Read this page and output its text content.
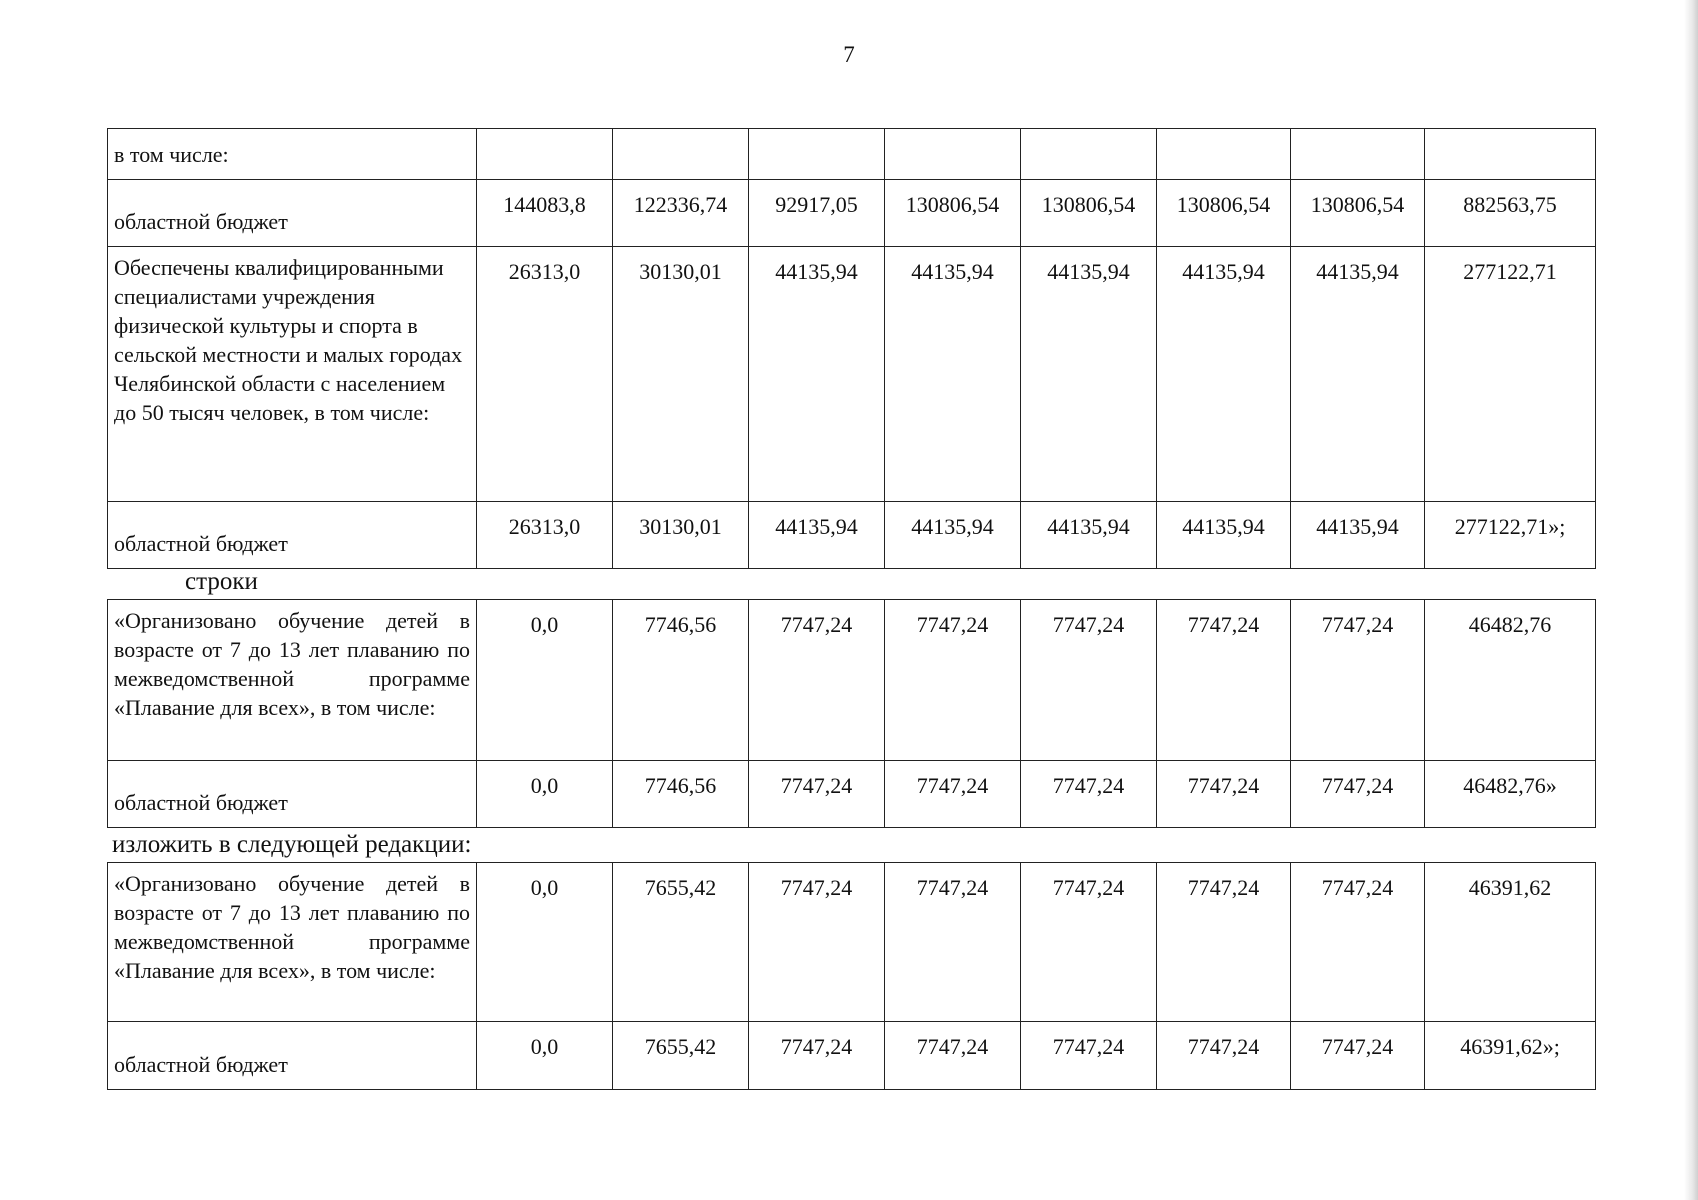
7
в том числе:								
областной бюджет	144083,8	122336,74	92917,05	130806,54	130806,54	130806,54	130806,54	882563,75
Обеспечены квалифицированными специалистами учреждения физической культуры и спорта в сельской местности и малых городах Челябинской области с населением до 50 тысяч человек, в том числе:	26313,0	30130,01	44135,94	44135,94	44135,94	44135,94	44135,94	277122,71
областной бюджет	26313,0	30130,01	44135,94	44135,94	44135,94	44135,94	44135,94	277122,71»;
строки
«Организовано обучение детей в возрасте от 7 до 13 лет плаванию по межведомственной программе «Плавание для всех», в том числе:	0,0	7746,56	7747,24	7747,24	7747,24	7747,24	7747,24	46482,76
областной бюджет	0,0	7746,56	7747,24	7747,24	7747,24	7747,24	7747,24	46482,76»
изложить в следующей редакции:
«Организовано обучение детей в возрасте от 7 до 13 лет плаванию по межведомственной программе «Плавание для всех», в том числе:	0,0	7655,42	7747,24	7747,24	7747,24	7747,24	7747,24	46391,62
областной бюджет	0,0	7655,42	7747,24	7747,24	7747,24	7747,24	7747,24	46391,62»;
